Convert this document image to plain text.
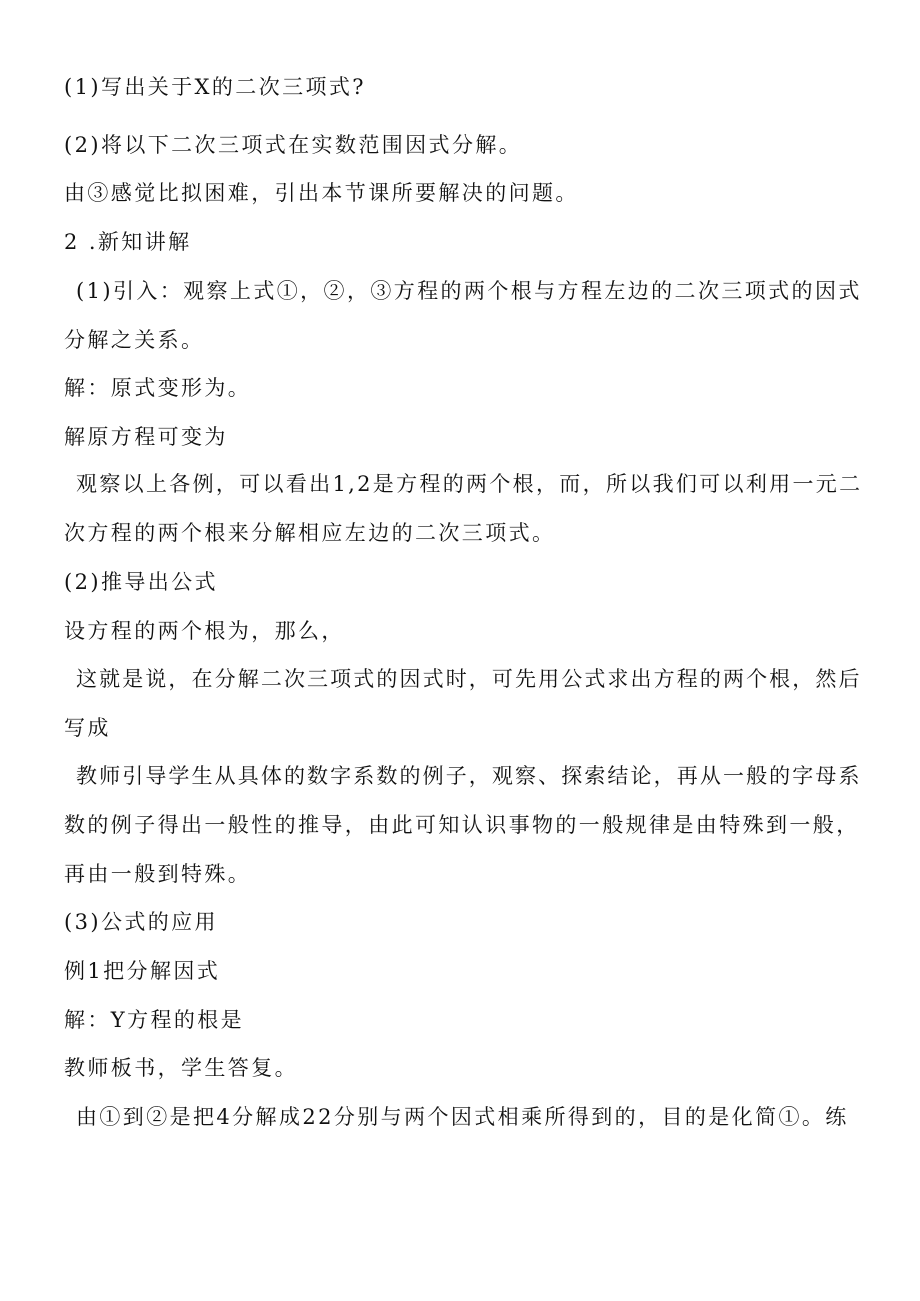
(1)写出关于X的二次三项式?
(2)将以下二次三项式在实数范围因式分解。
由③感觉比拟困难，引出本节课所要解决的问题。
2 .新知讲解
(1)引入：观察上式①，②，③方程的两个根与方程左边的二次三项式的因式
分解之关系。
解：原式变形为。
解原方程可变为
观察以上各例，可以看出1,2是方程的两个根，而，所以我们可以利用一元二
次方程的两个根来分解相应左边的二次三项式。
(2)推导出公式
设方程的两个根为，那么，
这就是说，在分解二次三项式的因式时，可先用公式求出方程的两个根，然后
写成
教师引导学生从具体的数字系数的例子，观察、探索结论，再从一般的字母系
数的例子得出一般性的推导，由此可知认识事物的一般规律是由特殊到一般，
再由一般到特殊。
(3)公式的应用
例1把分解因式
解：Y方程的根是
教师板书，学生答复。
由①到②是把4分解成22分别与两个因式相乘所得到的，目的是化简①。练
